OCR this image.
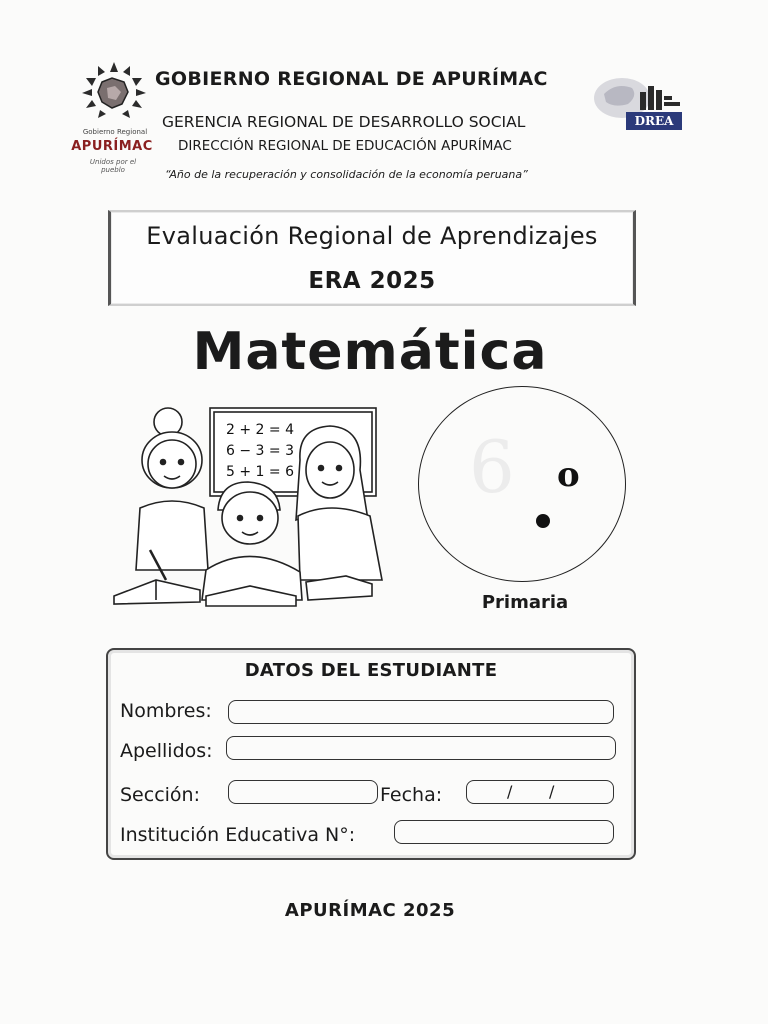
Gobierno Regional
APURÍMAC
Unidos por el pueblo
GOBIERNO REGIONAL DE APURÍMAC
GERENCIA REGIONAL DE DESARROLLO SOCIAL
DIRECCIÓN REGIONAL DE EDUCACIÓN APURÍMAC
“Año de la recuperación y consolidación de la economía peruana”
DREA
Evaluación Regional de Aprendizajes
ERA 2025
Matemática
2 + 2 = 4
6 − 3 = 3
5 + 1 = 6 6 o
Primaria
DATOS DEL ESTUDIANTE
Nombres:
Apellidos:
Sección:	Fecha:	/ /
Institución Educativa N°:
APURÍMAC 2025
